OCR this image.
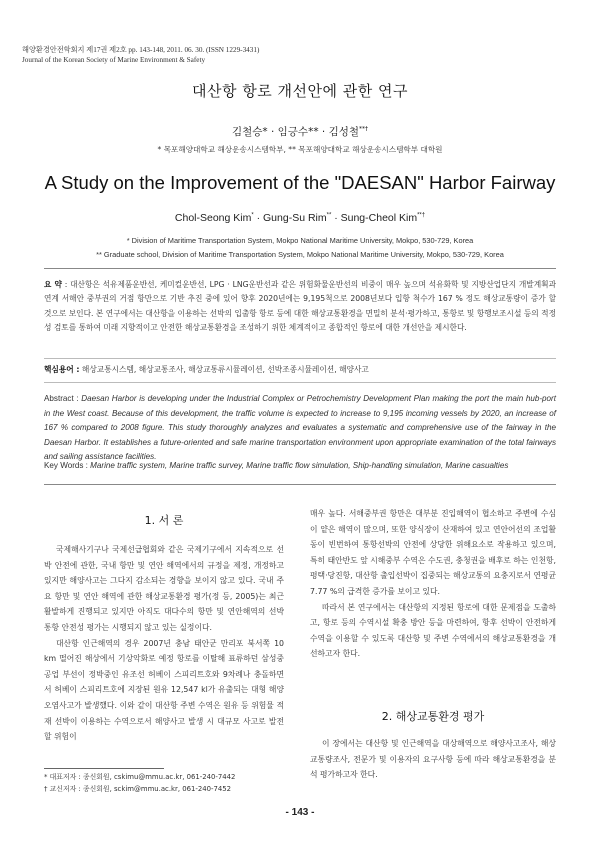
해양환경안전학회지 제17권 제2호 pp. 143-148, 2011. 06. 30. (ISSN 1229-3431)
Journal of the Korean Society of Marine Environment & Safety
대산항 항로 개선안에 관한 연구
김철승* · 임긍수** · 김성철**†
* 목포해양대학교 해상운송시스템학부, ** 목포해양대학교 해상운송시스템학부 대학원
A Study on the Improvement of the "DAESAN" Harbor Fairway
Chol-Seong Kim* · Gung-Su Rim** · Sung-Cheol Kim**†
* Division of Maritime Transportation System, Mokpo National Maritime University, Mokpo, 530-729, Korea
** Graduate school, Division of Maritime Transportation System, Mokpo National Maritime University, Mokpo, 530-729, Korea
요 약 : 대산항은 석유제품운반선, 케미컬운반선, LPG · LNG운반선과 같은 위험화물운반선의 비중이 매우 높으며 석유화학 및 지방산업단지 개발계획과 연계 서해안 중부권의 거점 항만으로 기반 추진 중에 있어 향후 2020년에는 9,195척으로 2008년보다 입항 척수가 167 % 정도 해상교통량이 증가 할 것으로 보인다. 본 연구에서는 대산항을 이용하는 선박의 입출항 항로 등에 대한 해상교통환경을 면밀히 분석·평가하고, 통항로 및 항행보조시설 등의 적정성 검토를 통하여 미래 지향적이고 안전한 해상교통환경을 조성하기 위한 체계적이고 종합적인 항로에 대한 개선안을 제시한다.
핵심용어 : 해상교통시스템, 해상교통조사, 해상교통류시뮬레이션, 선박조종시뮬레이션, 해양사고
Abstract : Daesan Harbor is developing under the Industrial Complex or Petrochemistry Development Plan making the port the main hub-port in the West coast. Because of this development, the traffic volume is expected to increase to 9,195 incoming vessels by 2020, an increase of 167 % compared to 2008 figure. This study thoroughly analyzes and evaluates a systematic and comprehensive use of the fairway in the Daesan Harbor. It establishes a future-oriented and safe marine transportation environment upon appropriate examination of the total fairways and sailing assistance facilities.
Key Words : Marine traffic system, Marine traffic survey, Marine traffic flow simulation, Ship-handling simulation, Marine casualties
1. 서 론

국제해사기구나 국제선급협회와 같은 국제기구에서 지속적으로 선박 안전에 관한, 국내 항만 및 연안 해역에서의 규정을 제정, 개정하고 있지만 해양사고는 그다지 감소되는 경향을 보이지 않고 있다. 국내 주요 항만 및 연안 해역에 관한 해상교통환경 평가(정 등, 2005)는 최근 활발하게 진행되고 있지만 아직도 대다수의 항만 및 연안해역의 선박 통항 안전성 평가는 시행되지 않고 있는 실정이다.

대산항 인근해역의 경우 2007년 충남 태안군 만리포 북서쪽 10 km 떨어진 해상에서 기상악화로 예정 항로를 이탈해 표류하던 삼성중공업 부선이 정박중인 유조선 허베이 스피리트호와 9차례나 충돌하면서 허베이 스피리트호에 지장된 원유 12,547 kl가 유출되는 대형 해양오염사고가 발생했다. 이와 같이 대산항 주변 수역은 원유 등 위험물 적재 선박이 이용하는 수역으로서 해양사고 발생 시 대규모 사고로 발전할 위험이

* 대표저자 : 종신회원, cskimu@mmu.ac.kr, 061-240-7442
† 교신저자 : 종신회원, sckim@mmu.ac.kr, 061-240-7452

매우 높다. 서해중부권 항만은 대부분 진입해역이 협소하고 주변에 수심이 얕은 해역이 많으며, 또한 양식장이 산재하여 있고 연안어선의 조업활동이 빈번하여 통항선박의 안전에 상당한 위해요소로 작용하고 있으며, 특히 태안반도 앞 시해중부 수역은 수도권, 충청권을 배후로 하는 인천항, 평택·당진항, 대산항 출입선박이 집중되는 해상교통의 요충지로서 연평균 7.77 %의 급격한 증가를 보이고 있다.

따라서 본 연구에서는 대산항의 지정된 항로에 대한 문제점을 도출하고, 항로 등의 수역시설 확충 방안 등을 마련하여, 항후 선박이 안전하게 수역을 이용할 수 있도록 대산항 및 주변 수역에서의 해상교통환경을 개선하고자 한다.

2. 해상교통환경 평가

이 장에서는 대산항 및 인근해역을 대상해역으로 해양사고조사, 해상교통량조사, 전문가 및 이용자의 요구사항 등에 따라 해상교통환경을 분석 평가하고자 한다.

- 143 -
